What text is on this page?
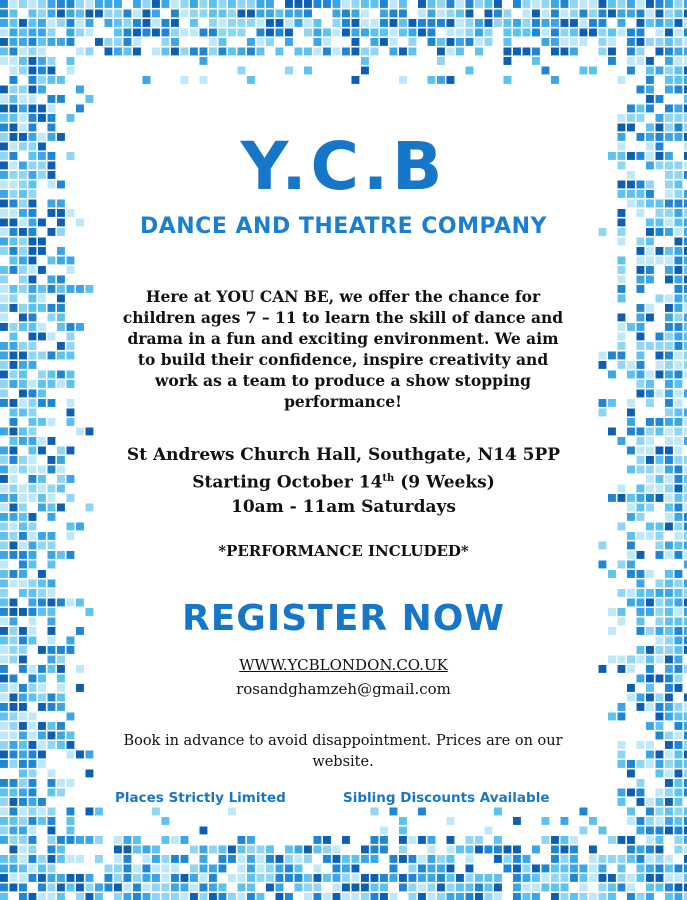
Y.C.B
DANCE AND THEATRE COMPANY
Here at YOU CAN BE, we offer the chance for children ages 7 – 11 to learn the skill of dance and drama in a fun and exciting environment. We aim to build their confidence, inspire creativity and work as a team to produce a show stopping performance!
St Andrews Church Hall, Southgate, N14 5PP
Starting October 14th (9 Weeks)
10am - 11am Saturdays
*PERFORMANCE INCLUDED*
REGISTER NOW
WWW.YCBLONDON.CO.UK
rosandghamzeh@gmail.com
Book in advance to avoid disappointment. Prices are on our website.
Places Strictly Limited	Sibling Discounts Available
